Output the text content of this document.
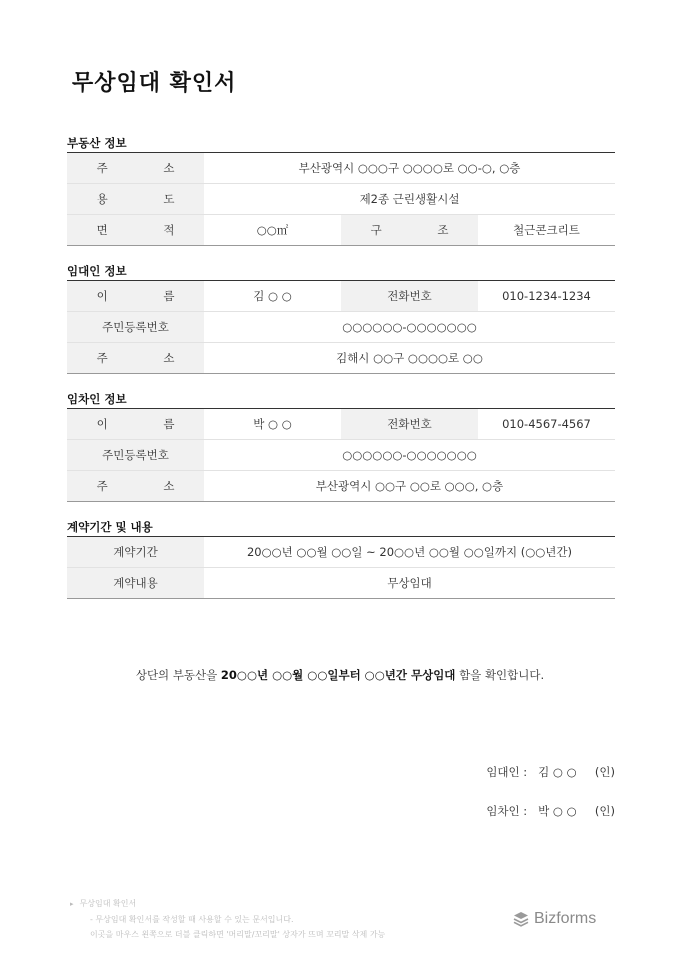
무상임대 확인서
부동산 정보
주 소	부산광역시 ○○○구 ○○○○로 ○○-○, ○층		
용 도	제2종 근린생활시설		
면 적	○○㎡	구 조	철근콘크리트
임대인 정보
이 름	김 ○ ○	전화번호	010-1234-1234
주민등록번호	○○○○○○-○○○○○○○		
주 소	김해시 ○○구 ○○○○로 ○○		
임차인 정보
이 름	박 ○ ○	전화번호	010-4567-4567
주민등록번호	○○○○○○-○○○○○○○		
주 소	부산광역시 ○○구 ○○로 ○○○, ○층		
계약기간 및 내용
계약기간	20○○년 ○○월 ○○일 ~ 20○○년 ○○월 ○○일까지 (○○년간)
계약내용	무상임대
상단의 부동산을 20○○년 ○○월 ○○일부터 ○○년간 무상임대 함을 확인합니다.
임대인 :   김 ○ ○     (인)
임차인 :   박 ○ ○     (인)
▸ 무상임대 확인서
- 무상임대 확인서를 작성할 때 사용할 수 있는 문서입니다.
이곳을 마우스 왼쪽으로 더블 클릭하면 '머리말/꼬리말' 상자가 뜨며 꼬리말 삭제 가능
Bizforms
